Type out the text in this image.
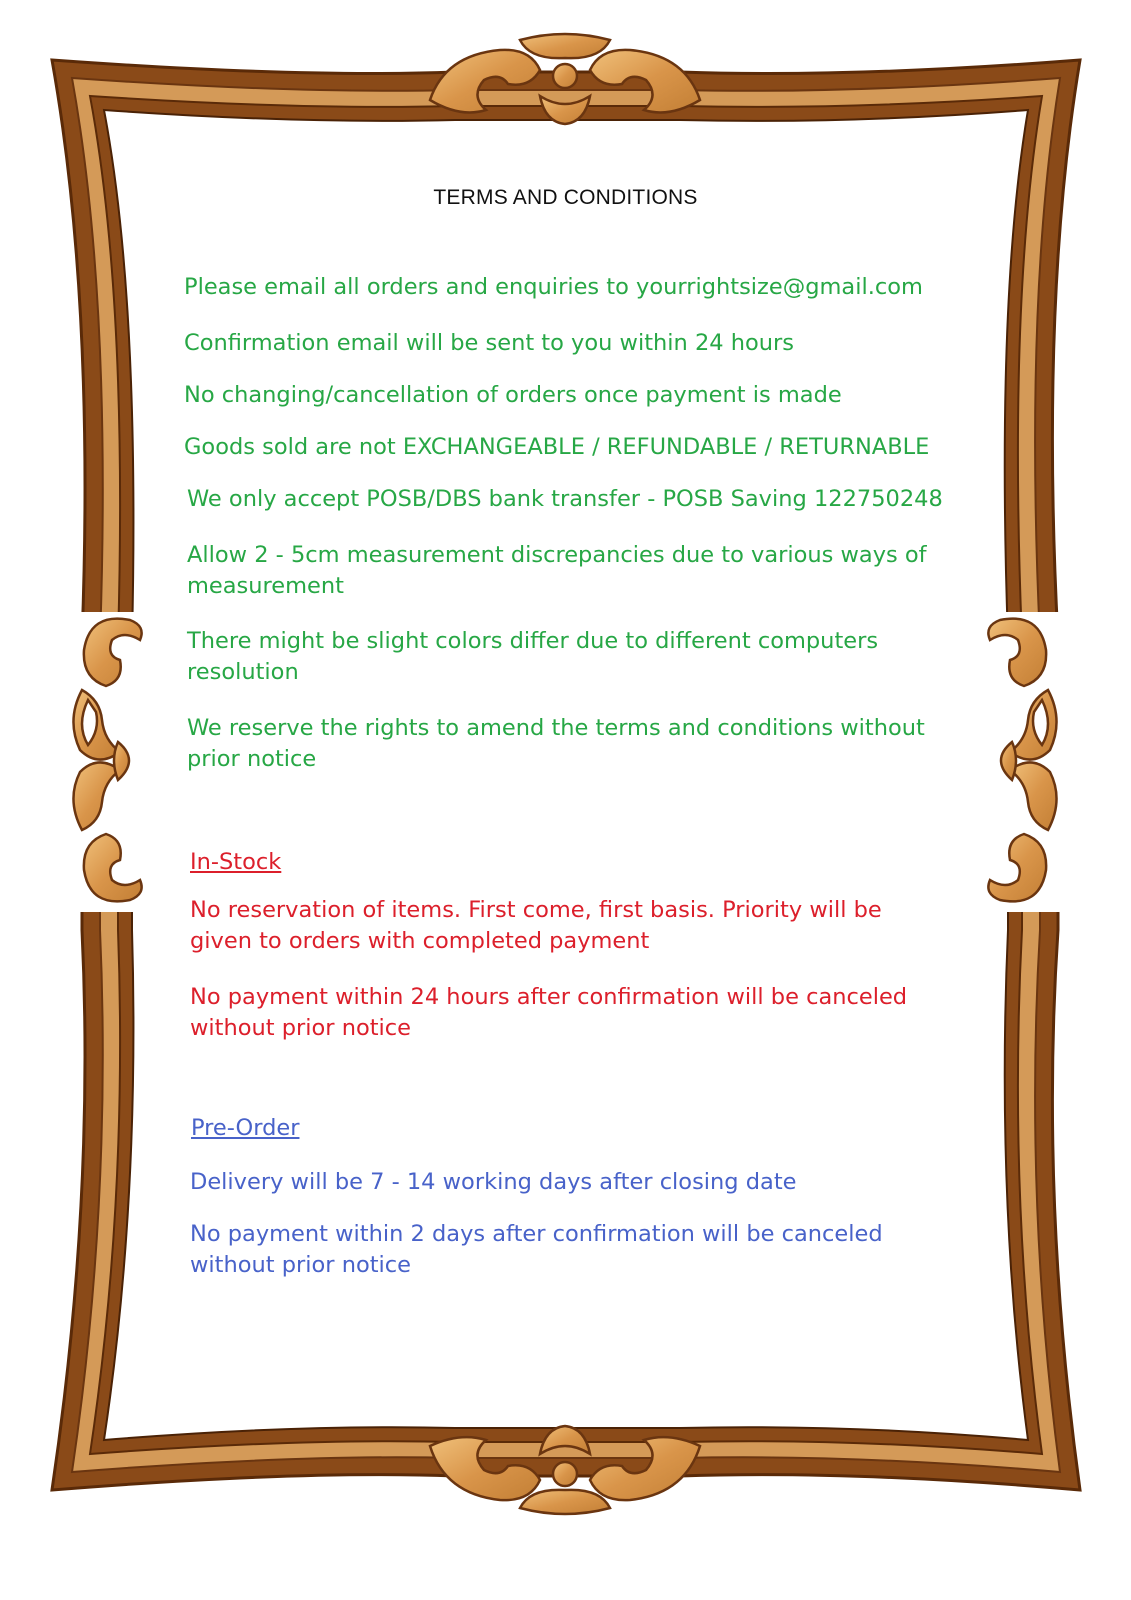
TERMS AND CONDITIONS
Please email all orders and enquiries to yourrightsize@gmail.com
Confirmation email will be sent to you within 24 hours
No changing/cancellation of orders once payment is made
Goods sold are not EXCHANGEABLE / REFUNDABLE / RETURNABLE
We only accept POSB/DBS bank transfer - POSB Saving 122750248
Allow 2 - 5cm measurement discrepancies due to various ways of
measurement
There might be slight colors differ due to different computers
resolution
We reserve the rights to amend the terms and conditions without
prior notice
In-Stock
No reservation of items. First come, first basis. Priority will be
given to orders with completed payment
No payment within 24 hours after confirmation will be canceled
without prior notice
Pre-Order
Delivery will be 7 - 14 working days after closing date
No payment within 2 days after confirmation will be canceled
without prior notice
